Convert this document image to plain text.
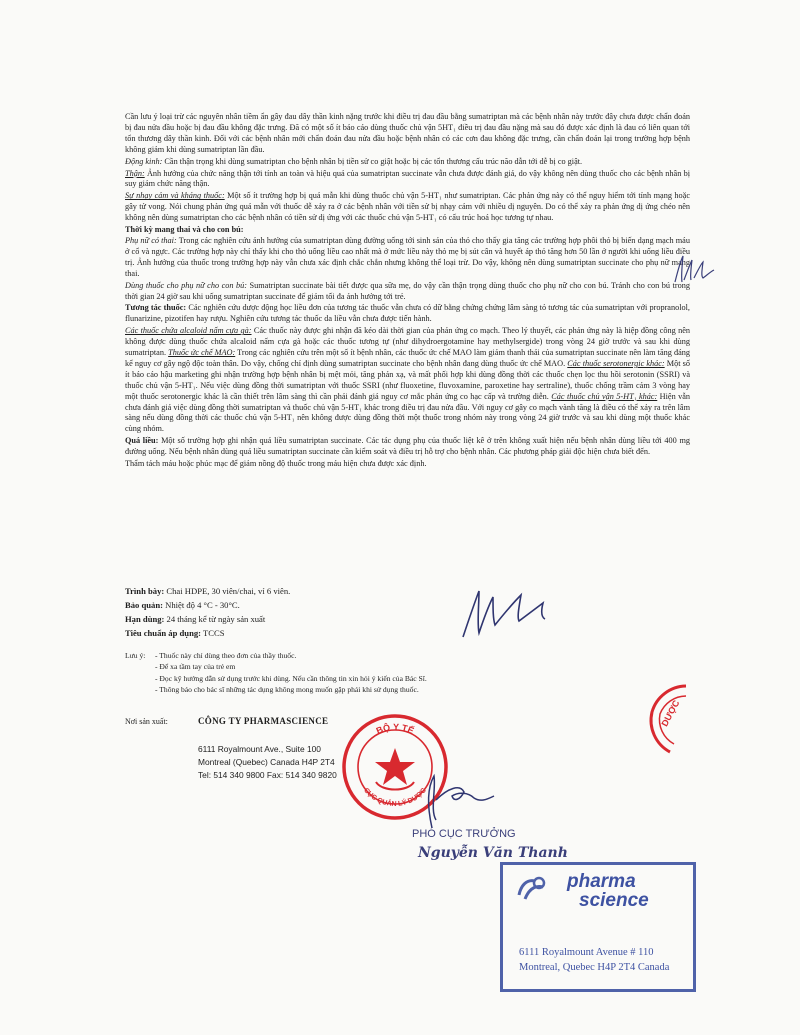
Cần lưu ý loại trừ các nguyên nhân tiềm ẩn gây đau dây thần kinh nặng trước khi điều trị đau đầu bằng sumatriptan mà các bệnh nhân này trước đây chưa được chẩn đoán bị đau nửa đầu hoặc bị đau đầu không đặc trưng. Đã có một số ít báo cáo dùng thuốc chủ vận 5HT₁ điều trị đau đầu nặng mà sau đó được xác định là đau có liên quan tới tổn thương dây thần kinh. Đối với các bệnh nhân mới chẩn đoán đau nửa đầu hoặc bệnh nhân có các cơn đau không đặc trưng, cần chẩn đoán lại trong trường hợp bệnh không giảm khi dùng sumatriptan lần đầu.

Động kinh: Cần thận trọng khi dùng sumatriptan cho bệnh nhân bị tiền sử co giật hoặc bị các tổn thương cấu trúc não dẫn tới dễ bị co giật.

Thận: Ảnh hưởng của chức năng thận tới tính an toàn và hiệu quả của sumatriptan succinate vẫn chưa được đánh giá, do vậy không nên dùng thuốc cho các bệnh nhân bị suy giảm chức năng thận.

Sự nhạy cảm và kháng thuốc: Một số ít trường hợp bị quá mẫn khi dùng thuốc chủ vận 5-HT₁ như sumatriptan. Các phản ứng này có thể nguy hiểm tới tính mạng hoặc gây tử vong. Nói chung phản ứng quá mẫn với thuốc dễ xảy ra ở các bệnh nhân với tiền sử bị nhạy cảm với nhiều dị nguyên. Do có thể xảy ra phản ứng dị ứng chéo nên không nên dùng sumatriptan cho các bệnh nhân có tiền sử dị ứng với các thuốc chủ vận 5-HT₁ có cấu trúc hoá học tương tự nhau.

Thời kỳ mang thai và cho con bú:

Phụ nữ có thai: Trong các nghiên cứu ảnh hưởng của sumatriptan dùng đường uống tới sinh sản của thỏ cho thấy gia tăng các trường hợp phôi thỏ bị biến dạng mạch máu ở cổ và ngực. Các trường hợp này chỉ thấy khi cho thỏ uống liều cao nhất mà ở mức liều này thỏ mẹ bị sút cân và huyết áp thỏ tăng hơn 50 lần ở người khi uống liều điều trị. Ảnh hưởng của thuốc trong trường hợp này vẫn chưa xác định chắc chắn nhưng không thể loại trừ. Do vậy, không nên dùng sumatriptan succinate cho phụ nữ mang thai.

Dùng thuốc cho phụ nữ cho con bú: Sumatriptan succinate bài tiết được qua sữa mẹ, do vậy cần thận trọng dùng thuốc cho phụ nữ cho con bú. Tránh cho con bú trong thời gian 24 giờ sau khi uống sumatriptan succinate để giảm tối đa ảnh hưởng tới trẻ.

Tương tác thuốc: Các nghiên cứu dược động học liều đơn của tương tác thuốc vẫn chưa có dữ bằng chứng chứng lâm sàng tỏ tương tác của sumatriptan với propranolol, flunarizine, pizotifen hay rượu. Nghiên cứu tương tác thuốc da liều vẫn chưa được tiến hành.

Các thuốc chứa alcaloid nấm cựa gà: Các thuốc này được ghi nhận đã kéo dài thời gian của phản ứng co mạch. Theo lý thuyết, các phản ứng này là hiệp đồng công nên không được dùng thuốc chứa alcaloid nấm cựa gà hoặc các thuốc tương tự (như dihydroergotamine hay methylsergide) trong vòng 24 giờ trước và sau khi dùng sumatriptan. Thuốc ức chế MAO: Trong các nghiên cứu trên một số ít bệnh nhân, các thuốc ức chế MAO làm giảm thanh thải của sumatriptan succinate nên làm tăng đáng kể nguy cơ gây ngộ độc toàn thân. Do vậy, chống chỉ định dùng sumatriptan succinate cho bệnh nhân đang dùng thuốc ức chế MAO. Các thuốc serotonergic khác: Một số ít báo cáo hậu marketing ghi nhận trường hợp bệnh nhân bị mệt mỏi, tăng phản xạ, và mất phối hợp khi dùng đồng thời các thuốc chẹn lọc thu hồi serotonin (SSRI) và thuốc chủ vận 5-HT₁. Nếu việc dùng đồng thời sumatriptan với thuốc SSRI (như fluoxetine, fluvoxamine, paroxetine hay sertraline), thuốc chống trầm cảm 3 vòng hay một thuốc serotonergic khác là cần thiết trên lâm sàng thì cần phải đánh giá nguy cơ mắc phản ứng co hạc cấp và trường diễn. Các thuốc chủ vận 5-HT₁ khác: Hiện vẫn chưa đánh giá việc dùng đồng thời sumatriptan và thuốc chủ vận 5-HT₁ khác trong điều trị đau nửa đầu. Với nguy cơ gây co mạch vành tăng là điều có thể xảy ra trên lâm sàng nếu dùng đồng thời các thuốc chủ vận 5-HT₁ nên không được dùng đồng thời một thuốc trong nhóm này trong vòng 24 giờ trước và sau khi dùng một thuốc khác cùng nhóm.

Quá liều: Một số trường hợp ghi nhận quá liều sumatriptan succinate. Các tác dụng phụ của thuốc liệt kê ở trên không xuất hiện nếu bệnh nhân dùng liều tới 400 mg đường uống. Nếu bệnh nhân dùng quá liều sumatriptan succinate cần kiểm soát và điều trị hỗ trợ cho bệnh nhân. Các phương pháp giải độc hiện chưa biết đến.

Thẩm tách máu hoặc phúc mạc để giảm nồng độ thuốc trong máu hiện chưa được xác định.

Trình bày: Chai HDPE, 30 viên/chai, vỉ 6 viên.
Bảo quản: Nhiệt độ 4 °C - 30°C.
Hạn dùng: 24 tháng kể từ ngày sản xuất
Tiêu chuẩn áp dụng: TCCS
Lưu ý:	- Thuốc này chỉ dùng theo đơn của thầy thuốc.
- Để xa tầm tay của trẻ em
- Đọc kỹ hướng dẫn sử dụng trước khi dùng. Nếu cần thông tin xin hỏi ý kiến của Bác Sĩ.
- Thông báo cho bác sĩ những tác dụng không mong muốn gặp phải khi sử dụng thuốc.
Nơi sản xuất:	CÔNG TY PHARMASCIENCE
6111 Royalmount Ave., Suite 100
Montreal (Quebec) Canada H4P 2T4
Tel: 514 340 9800 Fax: 514 340 9820
DƯỢC
BỘ Y TẾ
CỤC QUẢN LÝ DƯỢC
PHÓ CỤC TRƯỞNG
Nguyễn Văn Thanh
pharma
science
6111 Royalmount Avenue # 110
Montreal, Quebec H4P 2T4 Canada
